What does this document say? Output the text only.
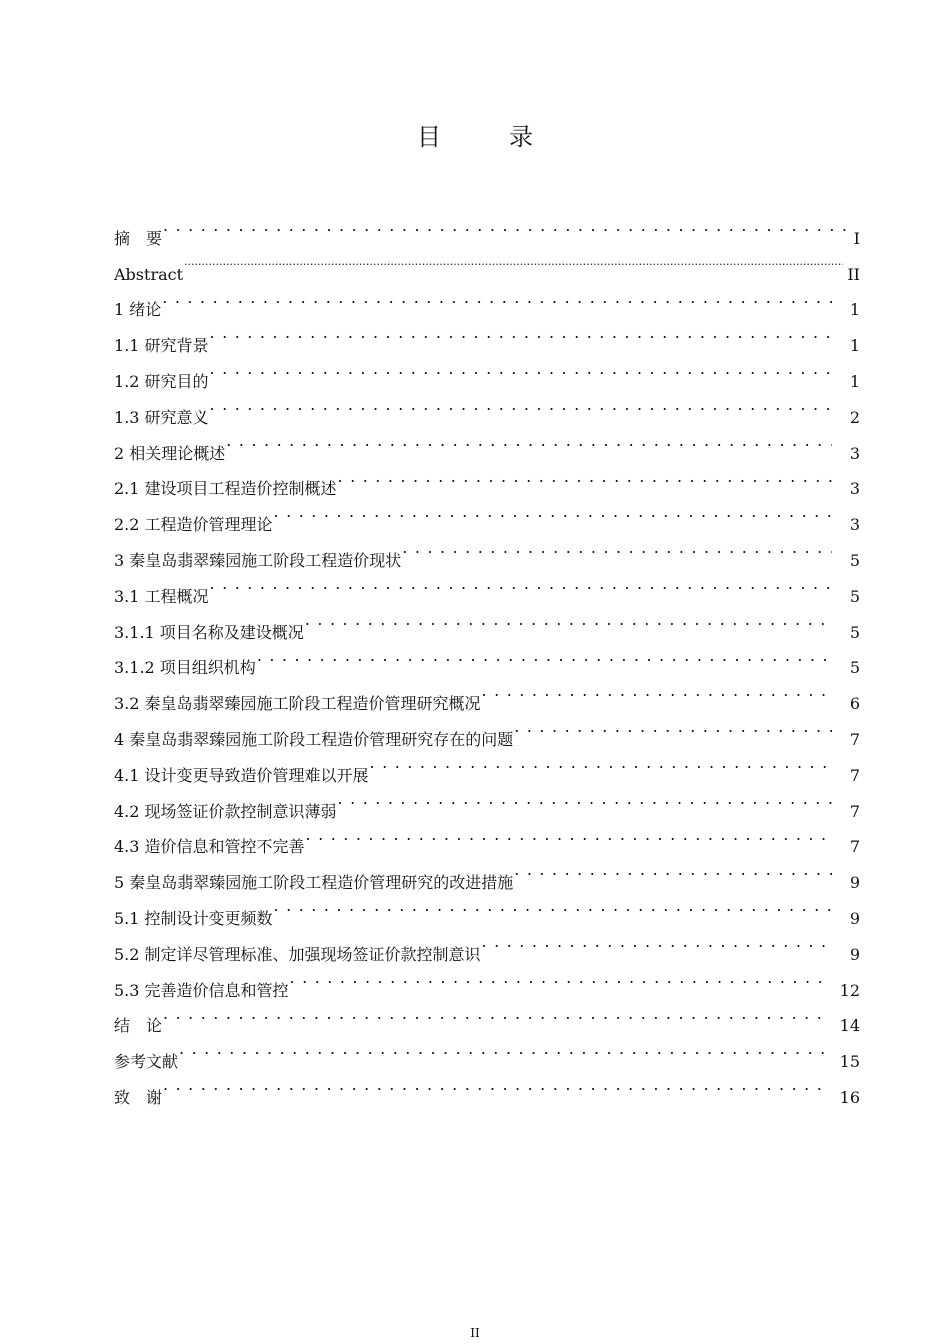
目　录
摘　要 . . .	I
Abstract .....	II
1 绪论 . . .	1
1.1 研究背景 . . .	1
1.2 研究目的 . . .	1
1.3 研究意义 . . .	2
2 相关理论概述 . . .	3
2.1 建设项目工程造价控制概述 . . .	3
2.2 工程造价管理理论 . . .	3
3 秦皇岛翡翠臻园施工阶段工程造价现状 . . .	5
3.1 工程概况 . . .	5
3.1.1 项目名称及建设概况 . . .	5
3.1.2 项目组织机构 . . .	5
3.2 秦皇岛翡翠臻园施工阶段工程造价管理研究概况 . . .	6
4 秦皇岛翡翠臻园施工阶段工程造价管理研究存在的问题 . . .	7
4.1 设计变更导致造价管理难以开展 . . .	7
4.2 现场签证价款控制意识薄弱 . . .	7
4.3 造价信息和管控不完善 . . .	7
5 秦皇岛翡翠臻园施工阶段工程造价管理研究的改进措施 . . .	9
5.1 控制设计变更频数 . . .	9
5.2 制定详尽管理标准、加强现场签证价款控制意识 . . .	9
5.3 完善造价信息和管控 . . .	12
结　论 . . .	14
参考文献 . . .	15
致　谢 . . .	16
II
